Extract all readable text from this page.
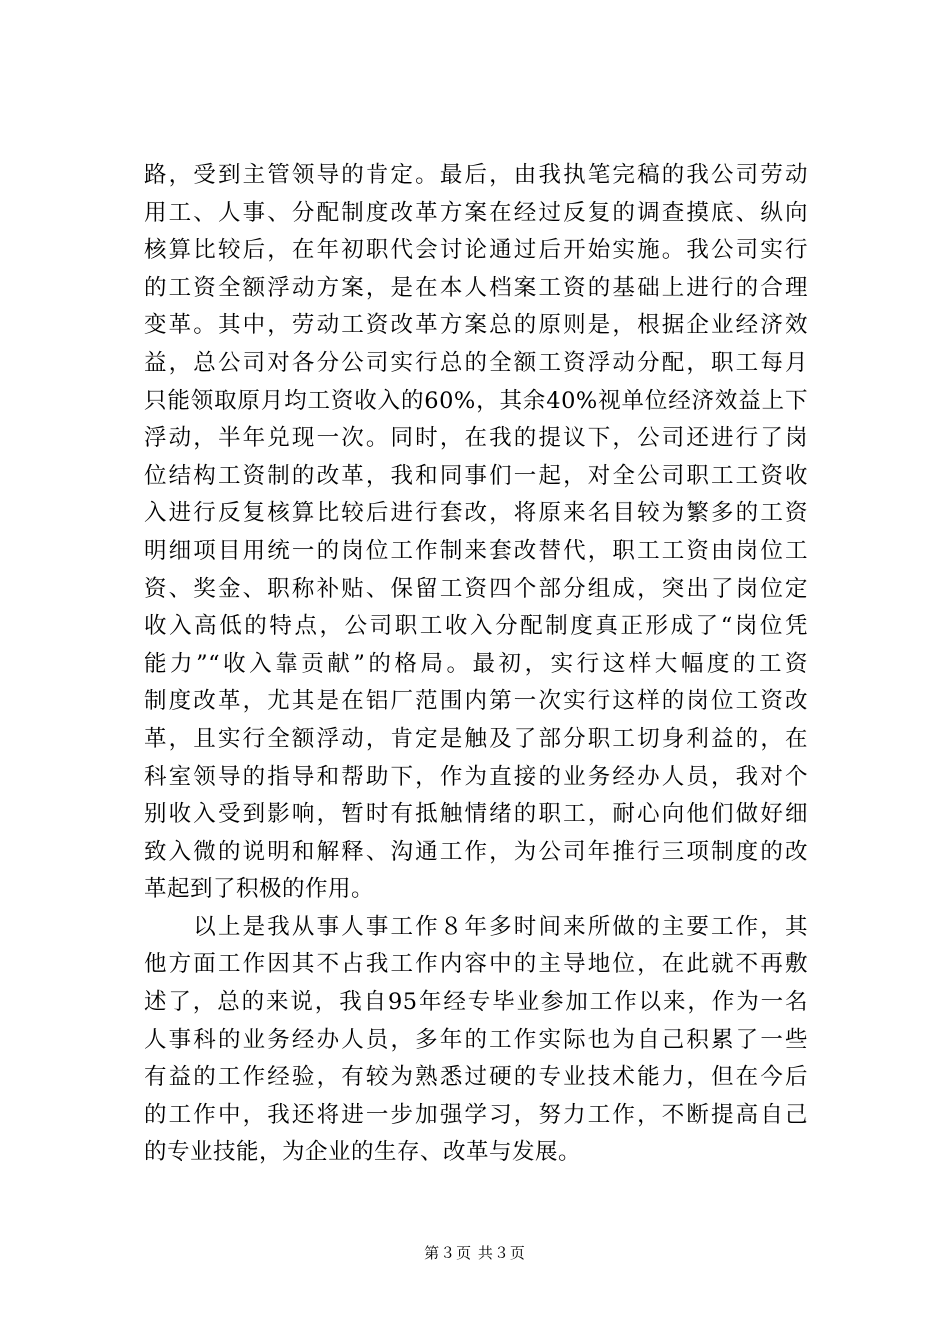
路，受到主管领导的肯定。最后，由我执笔完稿的我公司劳动
用工、人事、分配制度改革方案在经过反复的调查摸底、纵向
核算比较后，在年初职代会讨论通过后开始实施。我公司实行
的工资全额浮动方案，是在本人档案工资的基础上进行的合理
变革。其中，劳动工资改革方案总的原则是，根据企业经济效
益，总公司对各分公司实行总的全额工资浮动分配，职工每月
只能领取原月均工资收入的60%，其余40%视单位经济效益上下
浮动，半年兑现一次。同时，在我的提议下，公司还进行了岗
位结构工资制的改革，我和同事们一起，对全公司职工工资收
入进行反复核算比较后进行套改，将原来名目较为繁多的工资
明细项目用统一的岗位工作制来套改替代，职工工资由岗位工
资、奖金、职称补贴、保留工资四个部分组成，突出了岗位定
收入高低的特点，公司职工收入分配制度真正形成了“岗位凭
能力”“收入靠贡献”的格局。最初，实行这样大幅度的工资
制度改革，尤其是在铝厂范围内第一次实行这样的岗位工资改
革，且实行全额浮动，肯定是触及了部分职工切身利益的，在
科室领导的指导和帮助下，作为直接的业务经办人员，我对个
别收入受到影响，暂时有抵触情绪的职工，耐心向他们做好细
致入微的说明和解释、沟通工作，为公司年推行三项制度的改
革起到了积极的作用。
　　以上是我从事人事工作８年多时间来所做的主要工作，其
他方面工作因其不占我工作内容中的主导地位，在此就不再敷
述了，总的来说，我自95年经专毕业参加工作以来，作为一名
人事科的业务经办人员，多年的工作实际也为自己积累了一些
有益的工作经验，有较为熟悉过硬的专业技术能力，但在今后
的工作中，我还将进一步加强学习，努力工作，不断提高自己
的专业技能，为企业的生存、改革与发展。
第３页 共３页
